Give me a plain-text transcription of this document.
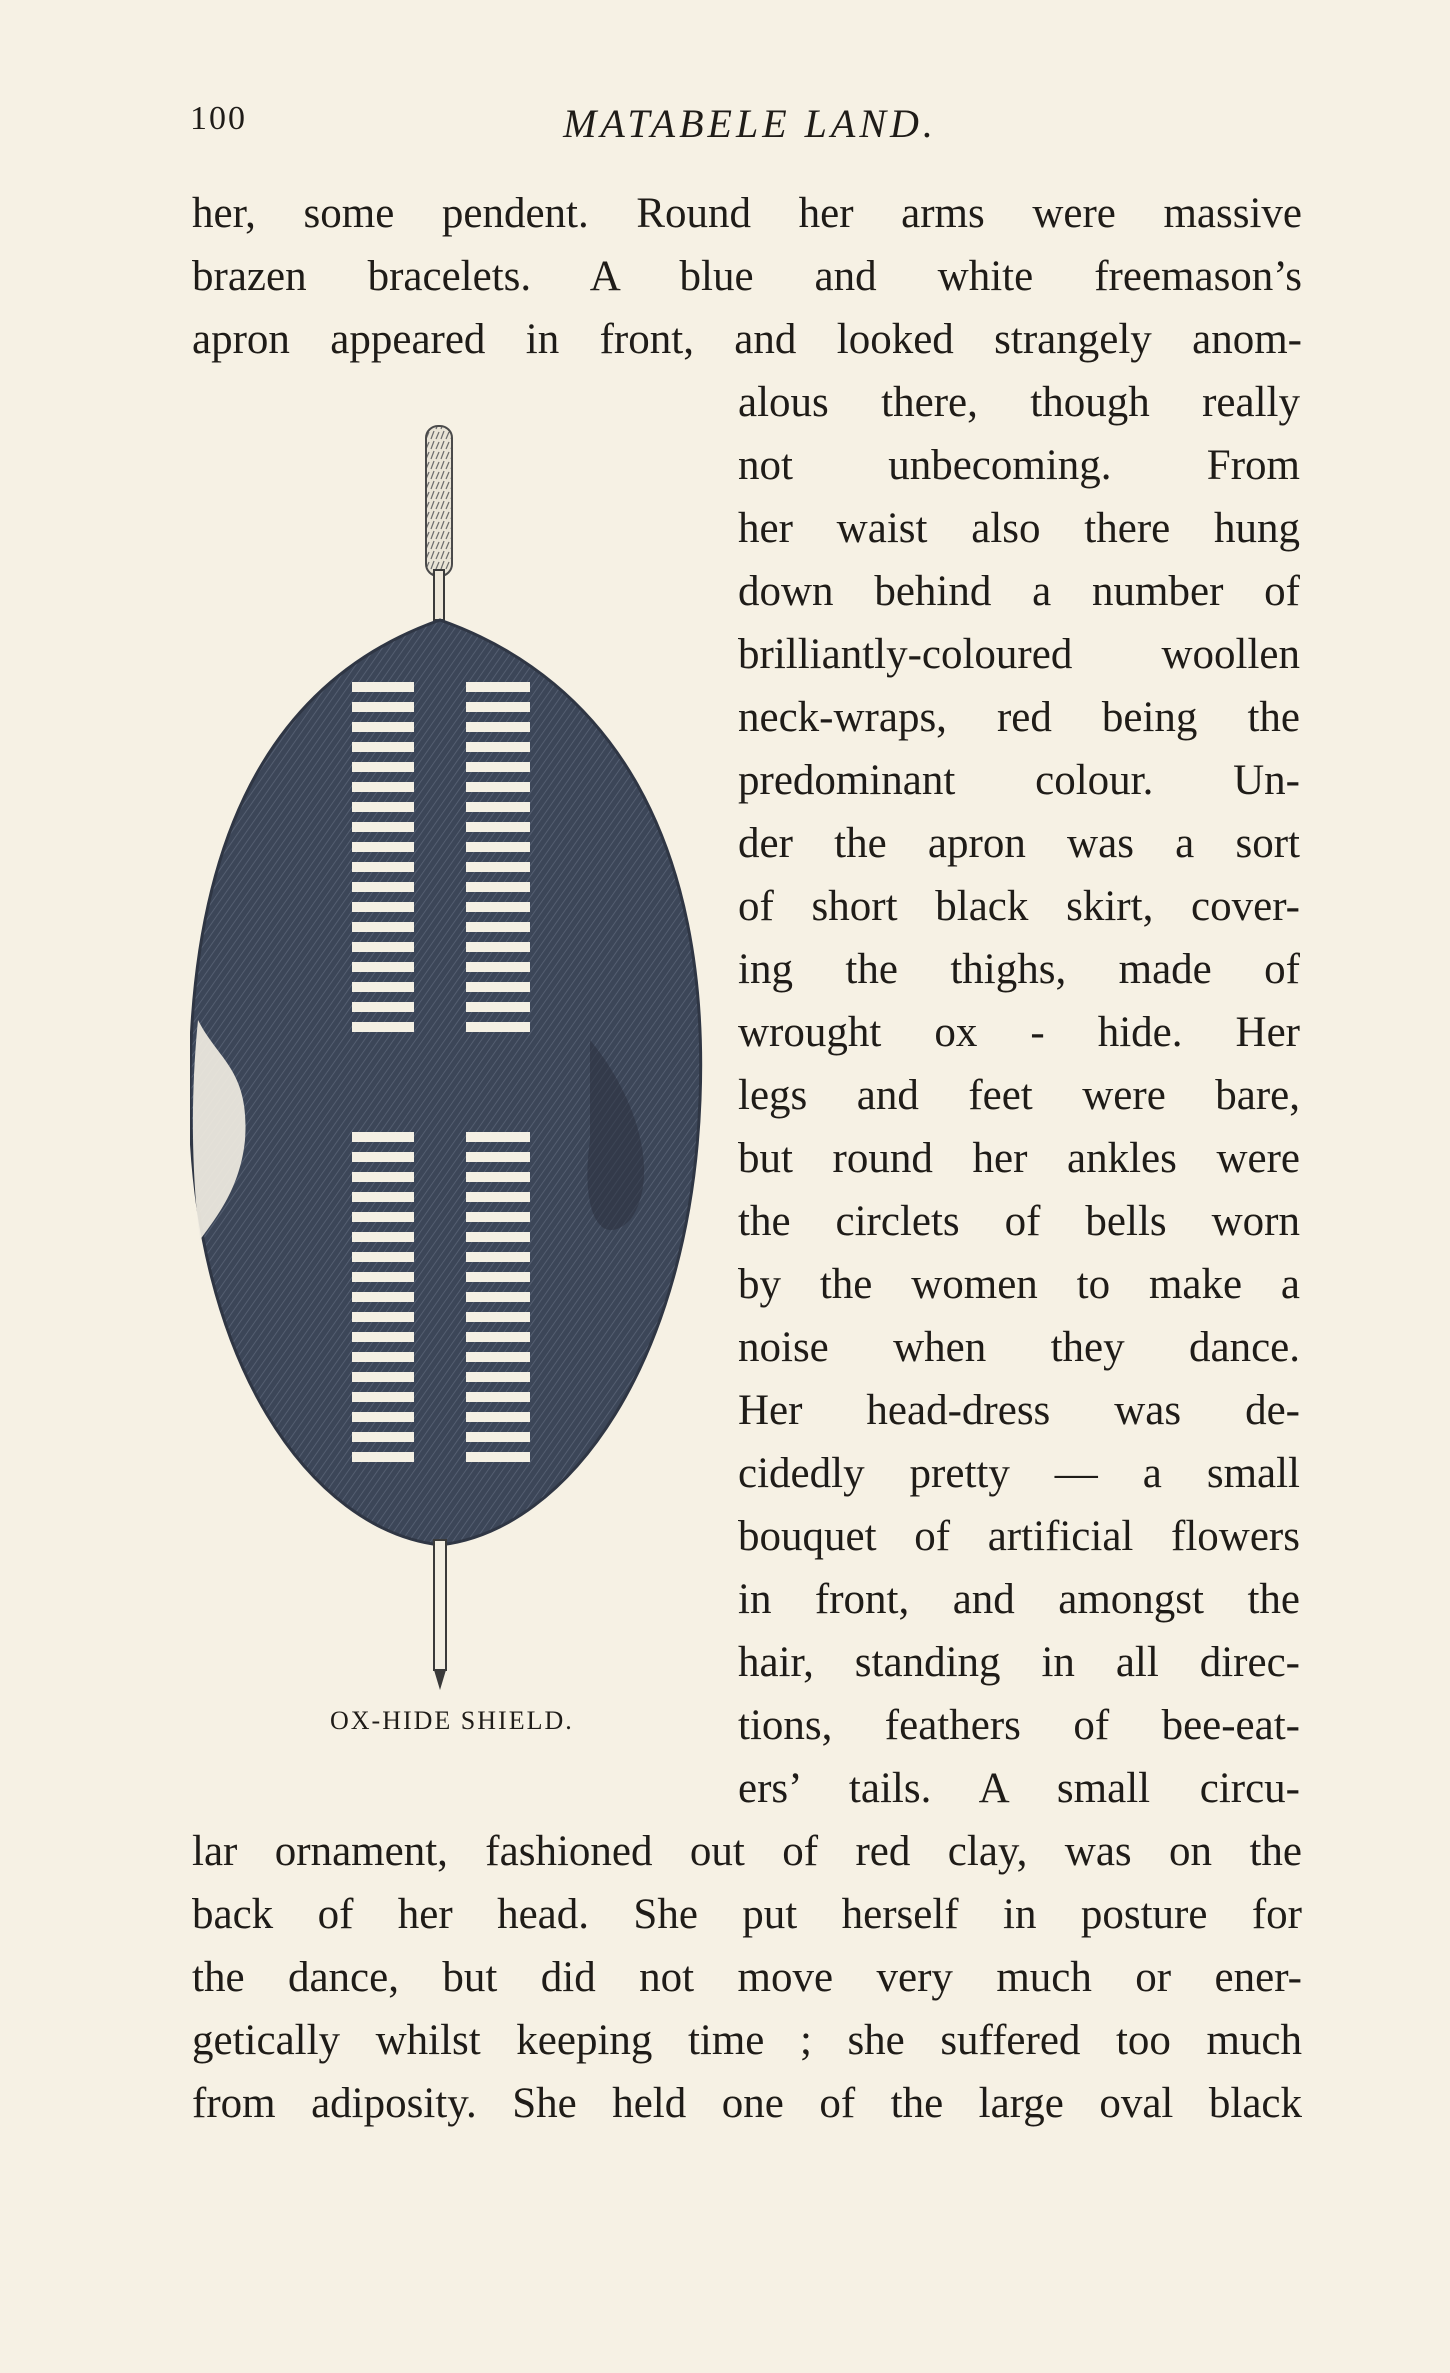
100	MATABELE LAND.
her, some pendent. Round her arms were massive
brazen bracelets. A blue and white freemason’s
apron appeared in front, and looked strangely anom-
alous there, though really
not unbecoming. From
her waist also there hung
down behind a number of
brilliantly-coloured woollen
neck-wraps, red being the
predominant colour. Un-
der the apron was a sort
of short black skirt, cover-
ing the thighs, made of
wrought ox - hide. Her
legs and feet were bare,
but round her ankles were
the circlets of bells worn
by the women to make a
noise when they dance.
Her head-dress was de-
cidedly pretty — a small
bouquet of artificial flowers
in front, and amongst the
hair, standing in all direc-
tions, feathers of bee-eat-
ers’ tails. A small circu-
lar ornament, fashioned out of red clay, was on the
back of her head. She put herself in posture for
the dance, but did not move very much or ener-
getically whilst keeping time ; she suffered too much
from adiposity. She held one of the large oval black
OX-HIDE SHIELD.
